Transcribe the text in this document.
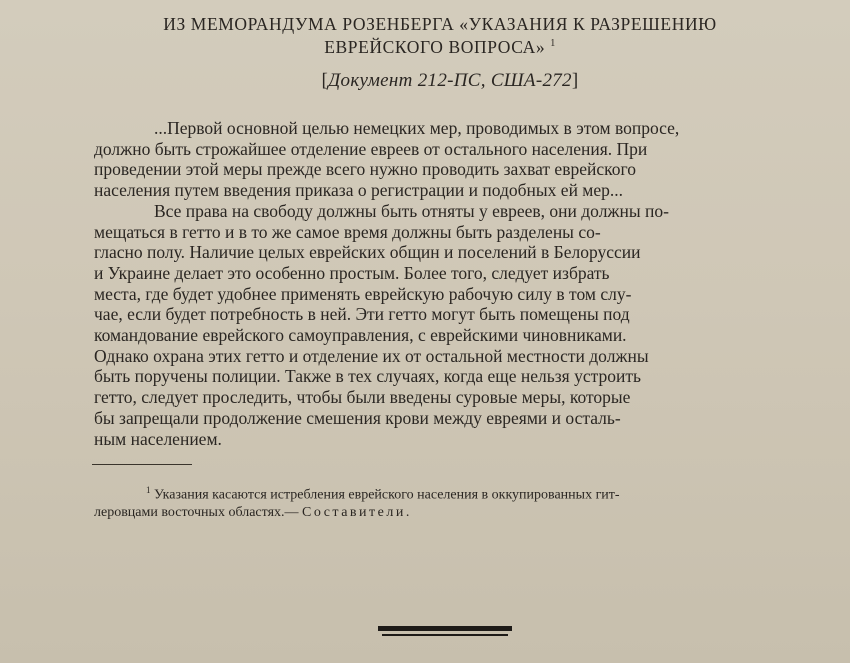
ИЗ МЕМОРАНДУМА РОЗЕНБЕРГА «УКАЗАНИЯ К РАЗРЕШЕНИЮ
ЕВРЕЙСКОГО ВОПРОСА» $^1$
[Документ 212-ПС, США-272]
...Первой основной целью немецких мер, проводимых в этом вопросе,
должно быть строжайшее отделение евреев от остального населения. При
проведении этой меры прежде всего нужно проводить захват еврейского
населения путем введения приказа о регистрации и подобных ей мер...
Все права на свободу должны быть отняты у евреев, они должны по-
мещаться в гетто и в то же самое время должны быть разделены со-
гласно полу. Наличие целых еврейских общин и поселений в Белоруссии
и Украине делает это особенно простым. Более того, следует избрать
места, где будет удобнее применять еврейскую рабочую силу в том слу-
чае, если будет потребность в ней. Эти гетто могут быть помещены под
командование еврейского самоуправления, с еврейскими чиновниками.
Однако охрана этих гетто и отделение их от остальной местности должны
быть поручены полиции. Также в тех случаях, когда еще нельзя устроить
гетто, следует проследить, чтобы были введены суровые меры, которые
бы запрещали продолжение смешения крови между евреями и осталь-
ным населением.
$^1$ Указания касаются истребления еврейского населения в оккупированных гит-
леровцами восточных областях.— Составители.
